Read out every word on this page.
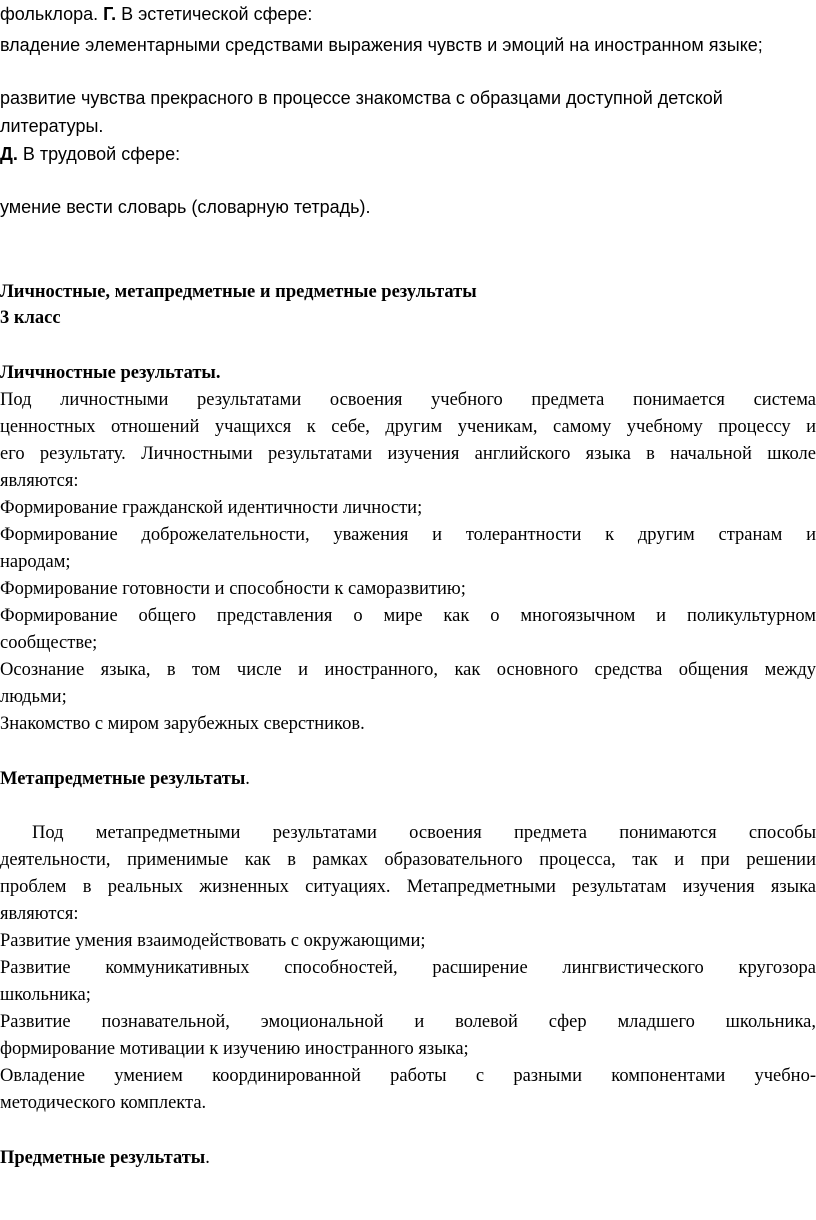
фольклора. Г. В эстетической сфере:
владение элементарными средствами выражения чувств и эмоций на иностранном языке;
развитие чувства прекрасного в процессе знакомства с образцами доступной детской
литературы.
Д. В трудовой сфере:
умение вести словарь (словарную тетрадь).
Личностные, метапредметные и предметные результаты
3 класс
Личчностные результаты.
Под личностными результатами освоения учебного предмета понимается система
ценностных отношений учащихся к себе, другим ученикам, самому учебному процессу и
его результату. Личностными результатами изучения английского языка в начальной школе
являются:
Формирование гражданской идентичности личности;
Формирование доброжелательности, уважения и толерантности к другим странам и
народам;
Формирование готовности и способности к саморазвитию;
Формирование общего представления о мире как о многоязычном и поликультурном
сообществе;
Осознание языка, в том числе и иностранного, как основного средства общения между
людьми;
Знакомство с миром зарубежных сверстников.
Метапредметные результаты.
Под метапредметными результатами освоения предмета понимаются способы
деятельности, применимые как в рамках образовательного процесса, так и при решении
проблем в реальных жизненных ситуациях. Метапредметными результатам изучения языка
являются:
Развитие умения взаимодействовать с окружающими;
Развитие коммуникативных способностей, расширение лингвистического кругозора
школьника;
Развитие познавательной, эмоциональной и волевой сфер младшего школьника,
формирование мотивации к изучению иностранного языка;
Овладение умением координированной работы с разными компонентами учебно-
методического комплекта.
Предметные результаты.
